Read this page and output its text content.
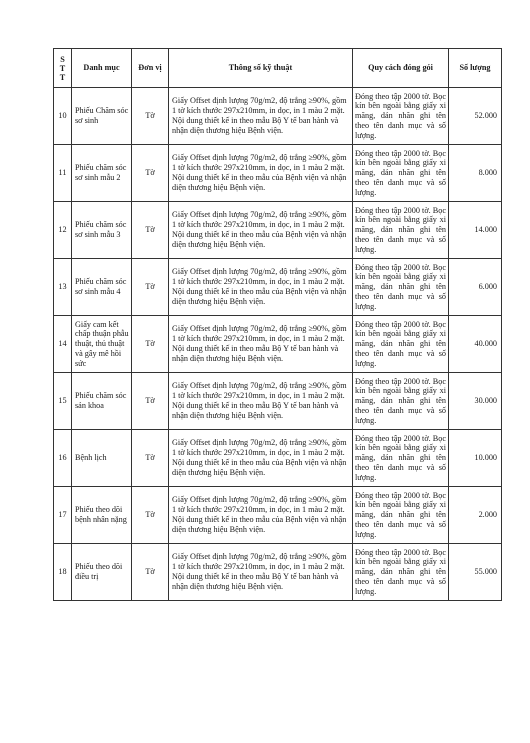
S
T
T	Danh mục	Đơn vị	Thông số kỹ thuật	Quy cách đóng gói	Số lượng
10	Phiếu Chăm sóc sơ sinh	Tờ	Giấy Offset định lượng 70g/m2, độ trắng ≥90%, gồm 1 tờ kích thước 297x210mm, in dọc, in 1 màu 2 mặt. Nội dung thiết kế in theo mẫu Bộ Y tế ban hành và nhận diện thương hiệu Bệnh viện.	Đóng theo tập 2000 tờ. Bọc kín bên ngoài bằng giấy xi măng, dán nhãn ghi tên theo tên danh mục và số lượng.	52.000
11	Phiếu chăm sóc sơ sinh mẫu 2	Tờ	Giấy Offset định lượng 70g/m2, độ trắng ≥90%, gồm 1 tờ kích thước 297x210mm, in dọc, in 1 màu 2 mặt. Nội dung thiết kế in theo mẫu của Bệnh viện và nhận diện thương hiệu Bệnh viện.	Đóng theo tập 2000 tờ. Bọc kín bên ngoài bằng giấy xi măng, dán nhãn ghi tên theo tên danh mục và số lượng.	8.000
12	Phiếu chăm sóc sơ sinh mẫu 3	Tờ	Giấy Offset định lượng 70g/m2, độ trắng ≥90%, gồm 1 tờ kích thước 297x210mm, in dọc, in 1 màu 2 mặt. Nội dung thiết kế in theo mẫu của Bệnh viện và nhận diện thương hiệu Bệnh viện.	Đóng theo tập 2000 tờ. Bọc kín bên ngoài bằng giấy xi măng, dán nhãn ghi tên theo tên danh mục và số lượng.	14.000
13	Phiếu chăm sóc sơ sinh mẫu 4	Tờ	Giấy Offset định lượng 70g/m2, độ trắng ≥90%, gồm 1 tờ kích thước 297x210mm, in dọc, in 1 màu 2 mặt. Nội dung thiết kế in theo mẫu của Bệnh viện và nhận diện thương hiệu Bệnh viện.	Đóng theo tập 2000 tờ. Bọc kín bên ngoài bằng giấy xi măng, dán nhãn ghi tên theo tên danh mục và số lượng.	6.000
14	Giấy cam kết chấp thuận phẫu thuật, thủ thuật và gây mê hồi sức	Tờ	Giấy Offset định lượng 70g/m2, độ trắng ≥90%, gồm 1 tờ kích thước 297x210mm, in dọc, in 1 màu 2 mặt. Nội dung thiết kế in theo mẫu Bộ Y tế ban hành và nhận diện thương hiệu Bệnh viện.	Đóng theo tập 2000 tờ. Bọc kín bên ngoài bằng giấy xi măng, dán nhãn ghi tên theo tên danh mục và số lượng.	40.000
15	Phiếu chăm sóc sản khoa	Tờ	Giấy Offset định lượng 70g/m2, độ trắng ≥90%, gồm 1 tờ kích thước 297x210mm, in dọc, in 1 màu 2 mặt. Nội dung thiết kế in theo mẫu Bộ Y tế ban hành và nhận diện thương hiệu Bệnh viện.	Đóng theo tập 2000 tờ. Bọc kín bên ngoài bằng giấy xi măng, dán nhãn ghi tên theo tên danh mục và số lượng.	30.000
16	Bệnh lịch	Tờ	Giấy Offset định lượng 70g/m2, độ trắng ≥90%, gồm 1 tờ kích thước 297x210mm, in dọc, in 1 màu 2 mặt. Nội dung thiết kế in theo mẫu của Bệnh viện và nhận diện thương hiệu Bệnh viện.	Đóng theo tập 2000 tờ. Bọc kín bên ngoài bằng giấy xi măng, dán nhãn ghi tên theo tên danh mục và số lượng.	10.000
17	Phiếu theo dõi bệnh nhân nặng	Tờ	Giấy Offset định lượng 70g/m2, độ trắng ≥90%, gồm 1 tờ kích thước 297x210mm, in dọc, in 1 màu 2 mặt. Nội dung thiết kế in theo mẫu của Bệnh viện và nhận diện thương hiệu Bệnh viện.	Đóng theo tập 2000 tờ. Bọc kín bên ngoài bằng giấy xi măng, dán nhãn ghi tên theo tên danh mục và số lượng.	2.000
18	Phiếu theo dõi điều trị	Tờ	Giấy Offset định lượng 70g/m2, độ trắng ≥90%, gồm 1 tờ kích thước 297x210mm, in dọc, in 1 màu 2 mặt. Nội dung thiết kế in theo mẫu Bộ Y tế ban hành và nhận diện thương hiệu Bệnh viện.	Đóng theo tập 2000 tờ. Bọc kín bên ngoài bằng giấy xi măng, dán nhãn ghi tên theo tên danh mục và số lượng.	55.000
